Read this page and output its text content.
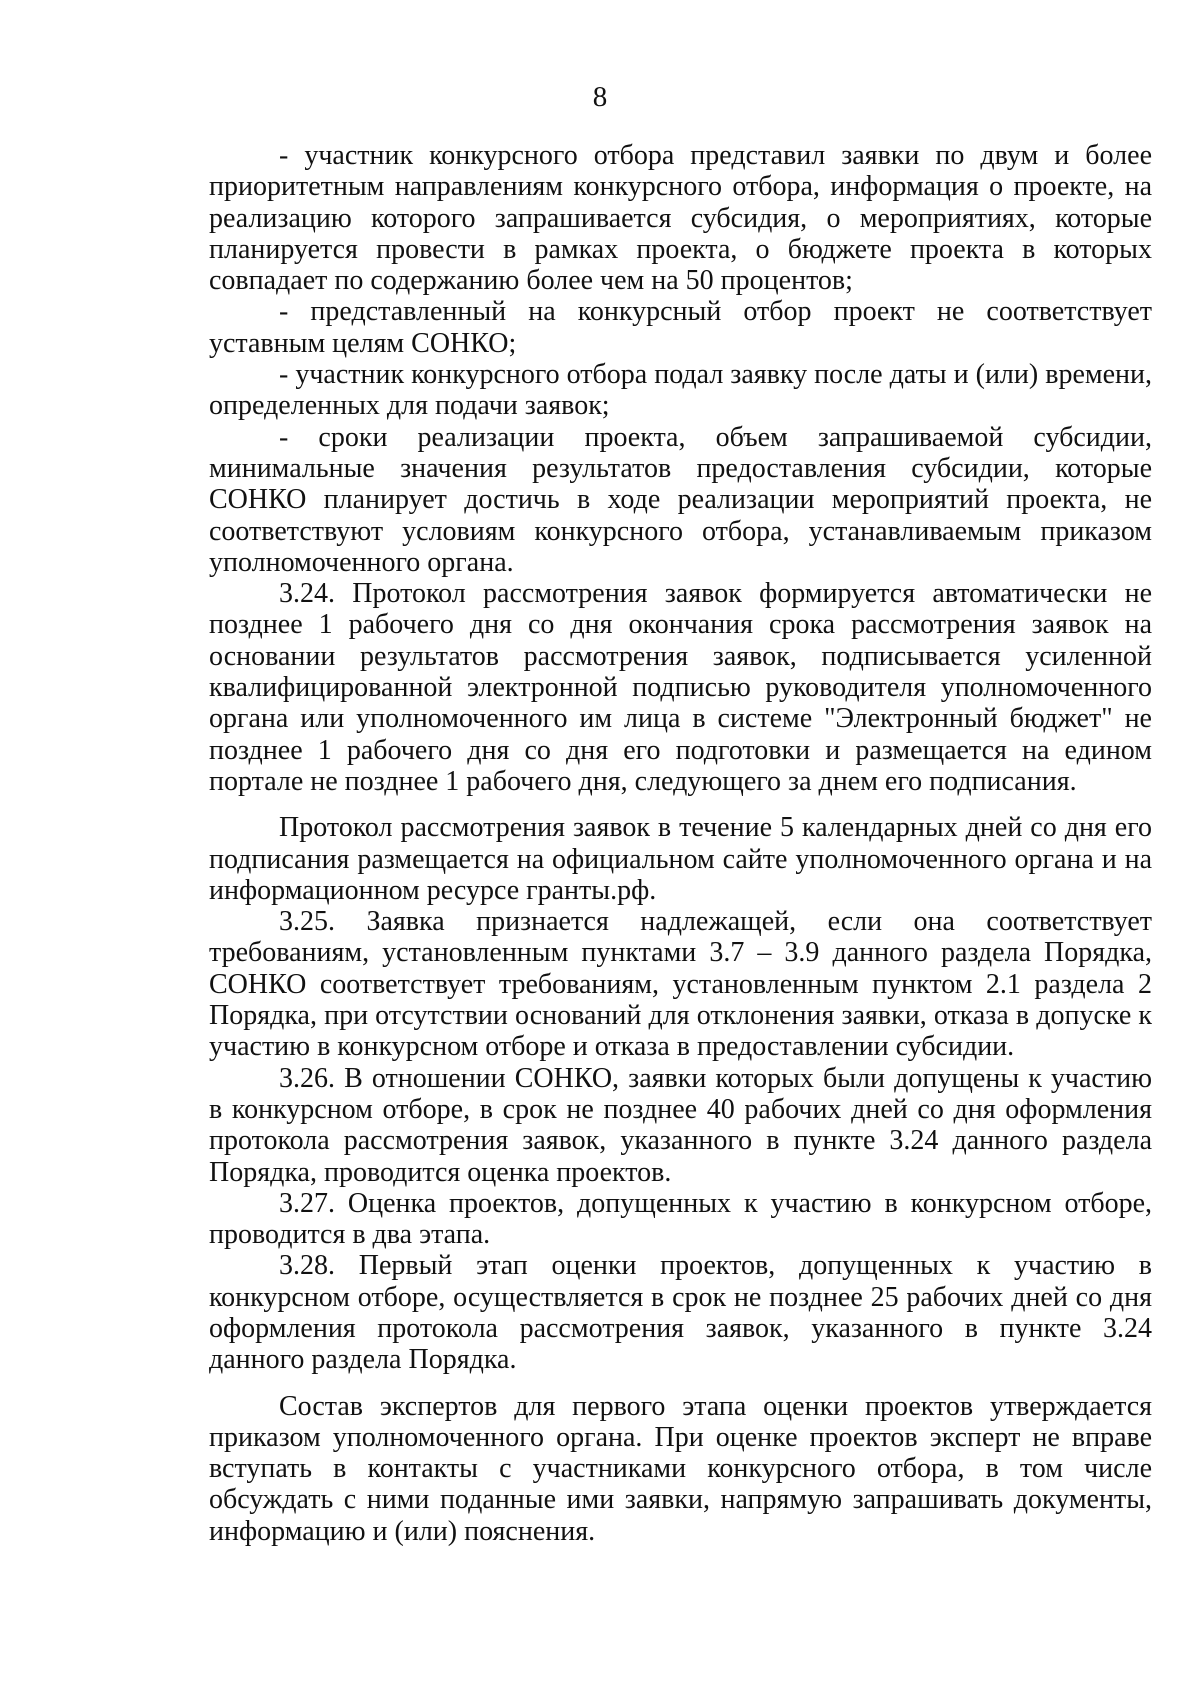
8

- участник конкурсного отбора представил заявки по двум и более приоритетным направлениям конкурсного отбора, информация о проекте, на реализацию которого запрашивается субсидия, о мероприятиях, которые планируется провести в рамках проекта, о бюджете проекта в которых совпадает по содержанию более чем на 50 процентов;

- представленный на конкурсный отбор проект не соответствует уставным целям СОНКО;

- участник конкурсного отбора подал заявку после даты и (или) времени, определенных для подачи заявок;

- сроки реализации проекта, объем запрашиваемой субсидии, минимальные значения результатов предоставления субсидии, которые СОНКО планирует достичь в ходе реализации мероприятий проекта, не соответствуют условиям конкурсного отбора, устанавливаемым приказом уполномоченного органа.

3.24. Протокол рассмотрения заявок формируется автоматически не позднее 1 рабочего дня со дня окончания срока рассмотрения заявок на основании результатов рассмотрения заявок, подписывается усиленной квалифицированной электронной подписью руководителя уполномоченного органа или уполномоченного им лица в системе "Электронный бюджет" не позднее 1 рабочего дня со дня его подготовки и размещается на едином портале не позднее 1 рабочего дня, следующего за днем его подписания.

Протокол рассмотрения заявок в течение 5 календарных дней со дня его подписания размещается на официальном сайте уполномоченного органа и на информационном ресурсе гранты.рф.

3.25. Заявка признается надлежащей, если она соответствует требованиям, установленным пунктами 3.7 – 3.9 данного раздела Порядка, СОНКО соответствует требованиям, установленным пунктом 2.1 раздела 2 Порядка, при отсутствии оснований для отклонения заявки, отказа в допуске к участию в конкурсном отборе и отказа в предоставлении субсидии.

3.26. В отношении СОНКО, заявки которых были допущены к участию в конкурсном отборе, в срок не позднее 40 рабочих дней со дня оформления протокола рассмотрения заявок, указанного в пункте 3.24 данного раздела Порядка, проводится оценка проектов.

3.27. Оценка проектов, допущенных к участию в конкурсном отборе, проводится в два этапа.

3.28. Первый этап оценки проектов, допущенных к участию в конкурсном отборе, осуществляется в срок не позднее 25 рабочих дней со дня оформления протокола рассмотрения заявок, указанного в пункте 3.24 данного раздела Порядка.

Состав экспертов для первого этапа оценки проектов утверждается приказом уполномоченного органа. При оценке проектов эксперт не вправе вступать в контакты с участниками конкурсного отбора, в том числе обсуждать с ними поданные ими заявки, напрямую запрашивать документы, информацию и (или) пояснения.
